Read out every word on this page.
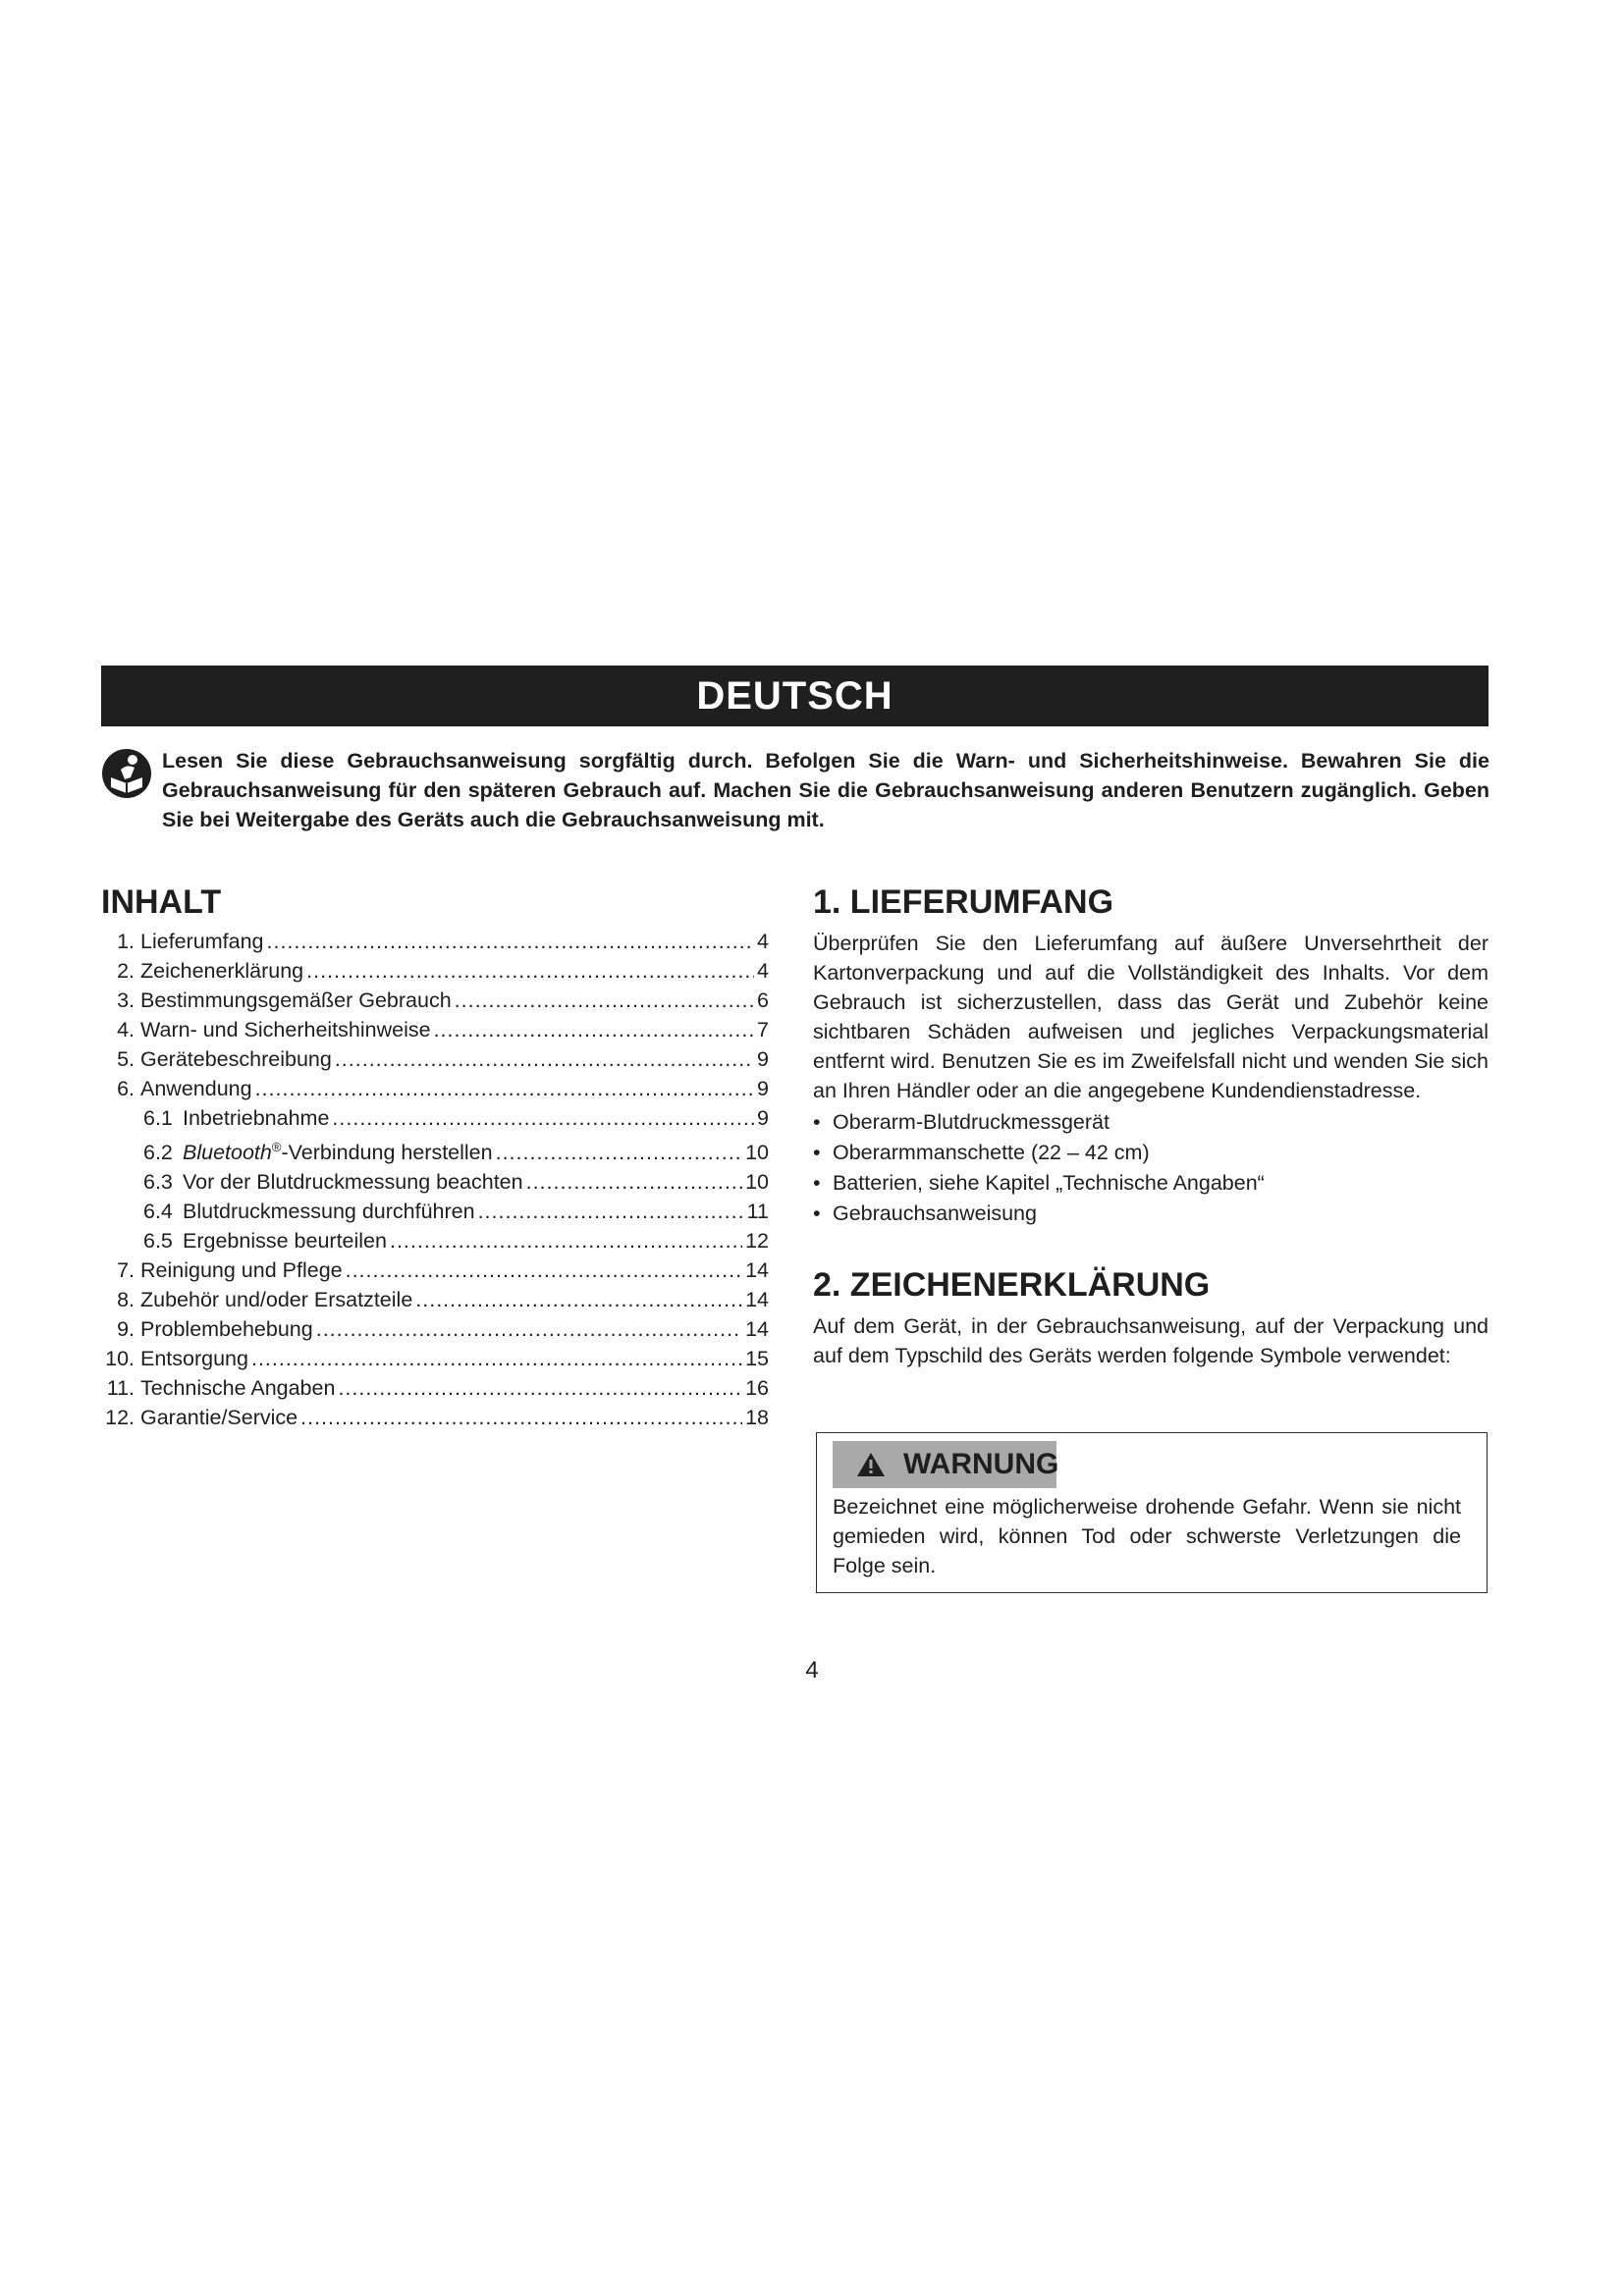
DEUTSCH
Lesen Sie diese Gebrauchsanweisung sorgfältig durch. Befolgen Sie die Warn- und Sicherheitshinweise. Bewahren Sie die Gebrauchsanweisung für den späteren Gebrauch auf. Machen Sie die Gebrauchsanweisung anderen Benutzern zugänglich. Geben Sie bei Weitergabe des Geräts auch die Gebrauchsanweisung mit.
INHALT
1. Lieferumfang .....	4
2. Zeichenerklärung .....	4
3. Bestimmungsgemäßer Gebrauch .....	6
4. Warn- und Sicherheitshinweise .....	7
5. Gerätebeschreibung .....	9
6. Anwendung .....	9
6.1 Inbetriebnahme .....	9
6.2 Bluetooth®-Verbindung herstellen .....	10
6.3 Vor der Blutdruckmessung beachten .....	10
6.4 Blutdruckmessung durchführen .....	11
6.5 Ergebnisse beurteilen .....	12
7. Reinigung und Pflege .....	14
8. Zubehör und/oder Ersatzteile .....	14
9. Problembehebung .....	14
10. Entsorgung .....	15
11. Technische Angaben .....	16
12. Garantie/Service .....	18
1. LIEFERUMFANG

Überprüfen Sie den Lieferumfang auf äußere Unversehrtheit der Kartonverpackung und auf die Vollständigkeit des Inhalts. Vor dem Gebrauch ist sicherzustellen, dass das Gerät und Zubehör keine sichtbaren Schäden aufweisen und jegliches Verpackungsmaterial entfernt wird. Benutzen Sie es im Zweifelsfall nicht und wenden Sie sich an Ihren Händler oder an die angegebene Kundendienstadresse.

• Oberarm-Blutdruckmessgerät
• Oberarmmanschette (22 – 42 cm)
• Batterien, siehe Kapitel „Technische Angaben“
• Gebrauchsanweisung
2. ZEICHENERKLÄRUNG

Auf dem Gerät, in der Gebrauchsanweisung, auf der Verpackung und auf dem Typschild des Geräts werden folgende Symbole verwendet:

WARNUNG
Bezeichnet eine möglicherweise drohende Gefahr. Wenn sie nicht gemieden wird, können Tod oder schwerste Verletzungen die Folge sein.
4
